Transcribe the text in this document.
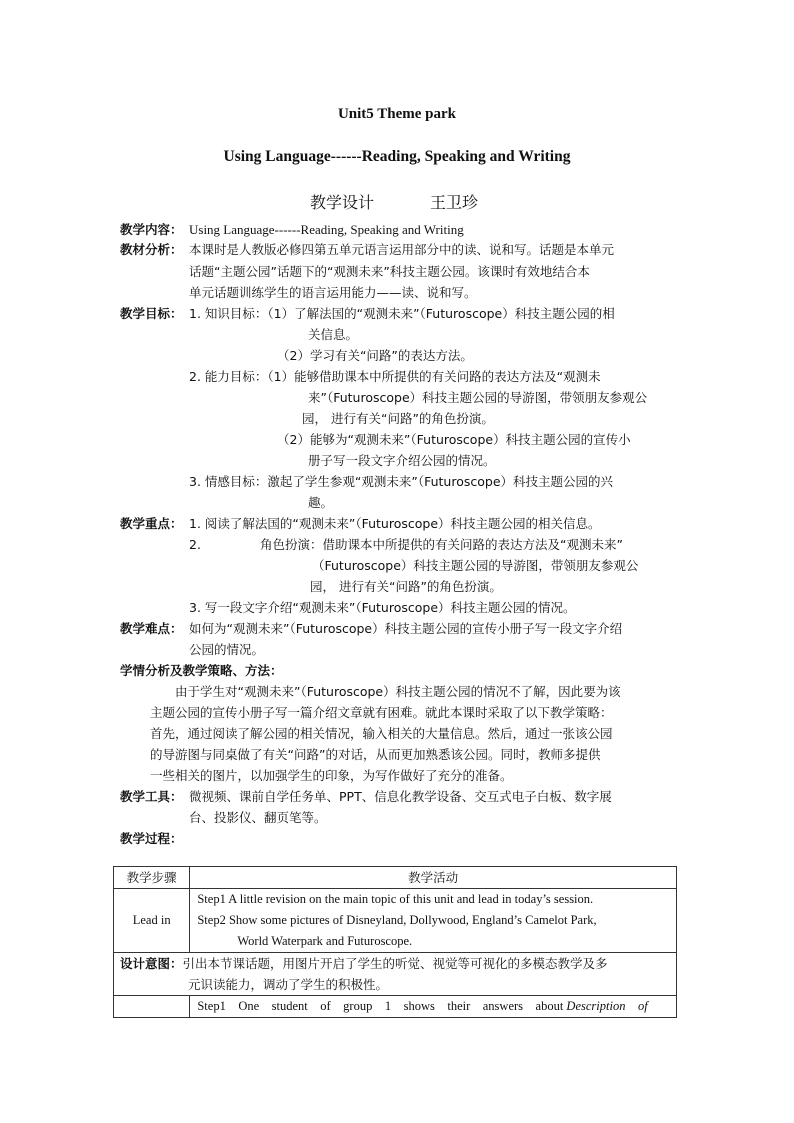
Unit5 Theme park
Using Language------Reading, Speaking and Writing
教学设计	王卫珍
教学内容： Using Language------Reading, Speaking and Writing
教材分析： 本课时是人教版必修四第五单元语言运用部分中的读、说和写。话题是本单元
话题“主题公园”话题下的“观测未来”科技主题公园。该课时有效地结合本
单元话题训练学生的语言运用能力——读、说和写。
教学目标： 1. 知识目标：（1）了解法国的“观测未来”（Futuroscope）科技主题公园的相
关信息。
（2）学习有关“问路”的表达方法。
2. 能力目标：（1）能够借助课本中所提供的有关问路的表达方法及“观测未
来”（Futuroscope）科技主题公园的导游图，带领朋友参观公
园， 进行有关“问路”的角色扮演。
（2）能够为“观测未来”（Futuroscope）科技主题公园的宣传小
册子写一段文字介绍公园的情况。
3. 情感目标：激起了学生参观“观测未来”（Futuroscope）科技主题公园的兴
趣。
教学重点： 1. 阅读了解法国的“观测未来”（Futuroscope）科技主题公园的相关信息。
2.	角色扮演：借助课本中所提供的有关问路的表达方法及“观测未来”
（Futuroscope）科技主题公园的导游图，带领朋友参观公
园， 进行有关“问路”的角色扮演。
3. 写一段文字介绍“观测未来”（Futuroscope）科技主题公园的情况。
教学难点： 如何为“观测未来”（Futuroscope）科技主题公园的宣传小册子写一段文字介绍
公园的情况。
学情分析及教学策略、方法：
由于学生对“观测未来”（Futuroscope）科技主题公园的情况不了解，因此要为该
主题公园的宣传小册子写一篇介绍文章就有困难。就此本课时采取了以下教学策略：
首先，通过阅读了解公园的相关情况，输入相关的大量信息。然后，通过一张该公园
的导游图与同桌做了有关“问路”的对话，从而更加熟悉该公园。同时，教师多提供
一些相关的图片，以加强学生的印象，为写作做好了充分的准备。
教学工具： 微视频、课前自学任务单、PPT、信息化教学设备、交互式电子白板、数字展
台、投影仪、翻页笔等。
教学过程：
教学步骤	教学活动
Lead in	Step1 A little revision on the main topic of this unit and lead in today’s session.
Step2 Show some pictures of Disneyland, Dollywood, England’s Camelot Park,
World Waterpark and Futuroscope.

设计意图：引出本节课话题，用图片开启了学生的听觉、视觉等可视化的多模态教学及多
元识读能力，调动了学生的积极性。	

	Step1    One    student    of    group    1    shows    their    answers    about Description    of
